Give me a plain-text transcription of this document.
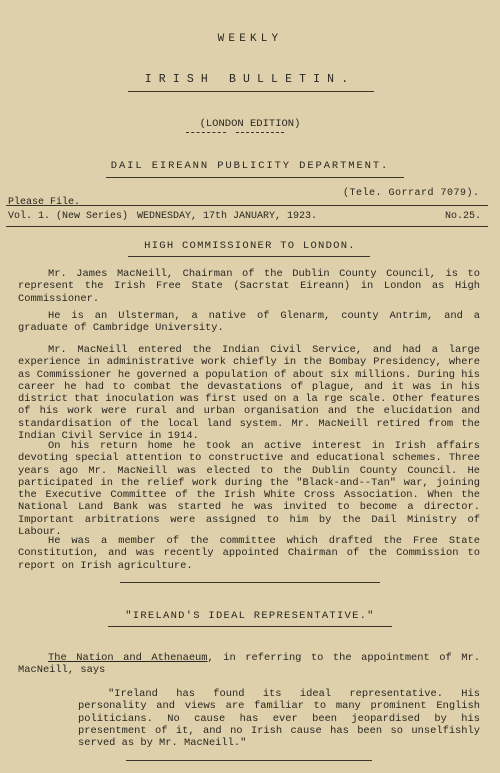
WEEKLY
IRISH BULLETIN.
(LONDON EDITION)
DAIL EIREANN PUBLICITY DEPARTMENT.
Please File.
(Tele. Gorrard 7079).
Vol. 1. (New Series) WEDNESDAY, 17th JANUARY, 1923.	No.25.
HIGH COMMISSIONER TO LONDON.
Mr. James MacNeill, Chairman of the Dublin County Council, is to represent the Irish Free State (Sacrstat Eireann) in London as High Commissioner.
He is an Ulsterman, a native of Glenarm, county Antrim, and a graduate of Cambridge University.
Mr. MacNeill entered the Indian Civil Service, and had a large experience in administrative work chiefly in the Bombay Presidency, where as Commissioner he governed a population of about six millions. During his career he had to combat the devastations of plague, and it was in his district that inoculation was first used on a la rge scale. Other features of his work were rural and urban organisation and the elucidation and standardisation of the local land system. Mr. MacNeill retired from the Indian Civil Service in 1914.
On his return home he took an active interest in Irish affairs devoting special attention to constructive and educational schemes. Three years ago Mr. MacNeill was elected to the Dublin County Council. He participated in the relief work during the "Black-and--Tan" war, joining the Executive Committee of the Irish White Cross Association. When the National Land Bank was started he was invited to become a director. Important arbitrations were assigned to him by the Dail Ministry of Labour.
He was a member of the committee which drafted the Free State Constitution, and was recently appointed Chairman of the Commission to report on Irish agriculture.
"IRELAND'S IDEAL REPRESENTATIVE."
The Nation and Athenaeum, in referring to the appointment of Mr. MacNeill, says
"Ireland has found its ideal representative. His personality and views are familiar to many prominent English politicians. No cause has ever been jeopardised by his presentment of it, and no Irish cause has been so unselfishly served as by Mr. MacNeill."
